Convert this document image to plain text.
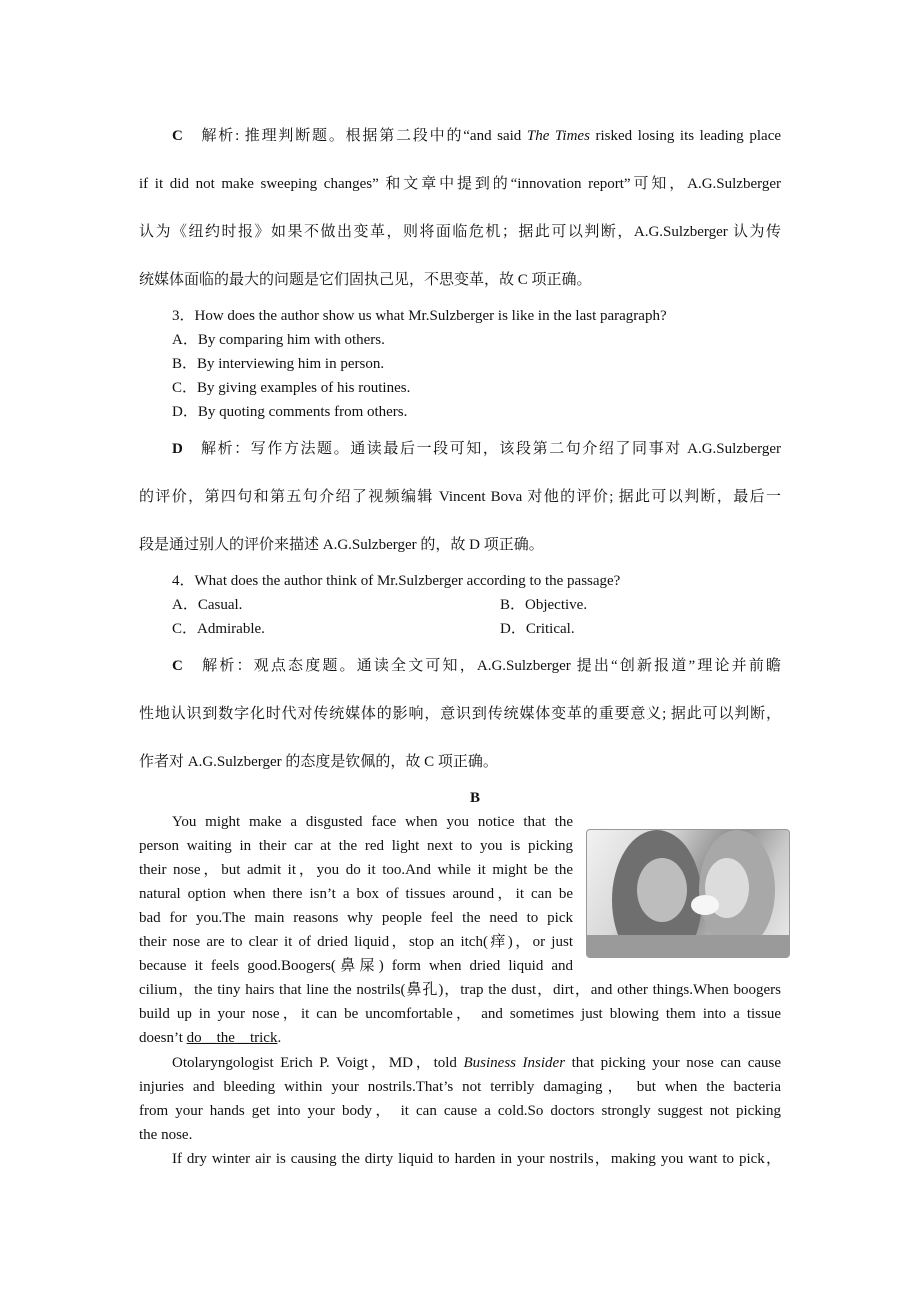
C　解析: 推理判断题。根据第二段中的“and said The Times risked losing its leading place
if it did not make sweeping changes” 和文章中提到的“innovation report”可知，A.G.Sulzberger
认为《纽约时报》如果不做出变革，则将面临危机；据此可以判断，A.G.Sulzberger 认为传
统媒体面临的最大的问题是它们固执己见，不思变革，故 C 项正确。
3．How does the author show us what Mr.Sulzberger is like in the last paragraph?
A．By comparing him with others.
B．By interviewing him in person.
C．By giving examples of his routines.
D．By quoting comments from others.
D　解析：写作方法题。通读最后一段可知，该段第二句介绍了同事对 A.G.Sulzberger
的评价，第四句和第五句介绍了视频编辑 Vincent Bova 对他的评价; 据此可以判断，最后一
段是通过别人的评价来描述 A.G.Sulzberger 的，故 D 项正确。
4．What does the author think of Mr.Sulzberger according to the passage?
A．Casual.	B．Objective.
C．Admirable.	D．Critical.
C　解析：观点态度题。通读全文可知，A.G.Sulzberger 提出“创新报道”理论并前瞻
性地认识到数字化时代对传统媒体的影响，意识到传统媒体变革的重要意义; 据此可以判断，
作者对 A.G.Sulzberger 的态度是钦佩的，故 C 项正确。
B
You might make a disgusted face when you notice that the
person waiting in their car at the red light next to you is picking
their nose，but admit it，you do it too.And while it might be the
natural option when there isn’t a box of tissues around，it can be
bad for you.The main reasons why people feel the need to pick
their nose are to clear it of dried liquid，stop an itch(痒)，or just
because it feels good.Boogers(鼻屎) form when dried liquid and
cilium，the tiny hairs that line the nostrils(鼻孔)，trap the dust，dirt，and other things.When boogers
build up in your nose，it can be uncomfortable， and sometimes just blowing them into a tissue
doesn’t do__the__trick.
Otolaryngologist Erich P. Voigt，MD，told Business Insider that picking your nose can cause
injuries and bleeding within your nostrils.That’s not terribly damaging， but when the bacteria
from your hands get into your body， it can cause a cold.So doctors strongly suggest not picking
the nose.
If dry winter air is causing the dirty liquid to harden in your nostrils，making you want to pick，
